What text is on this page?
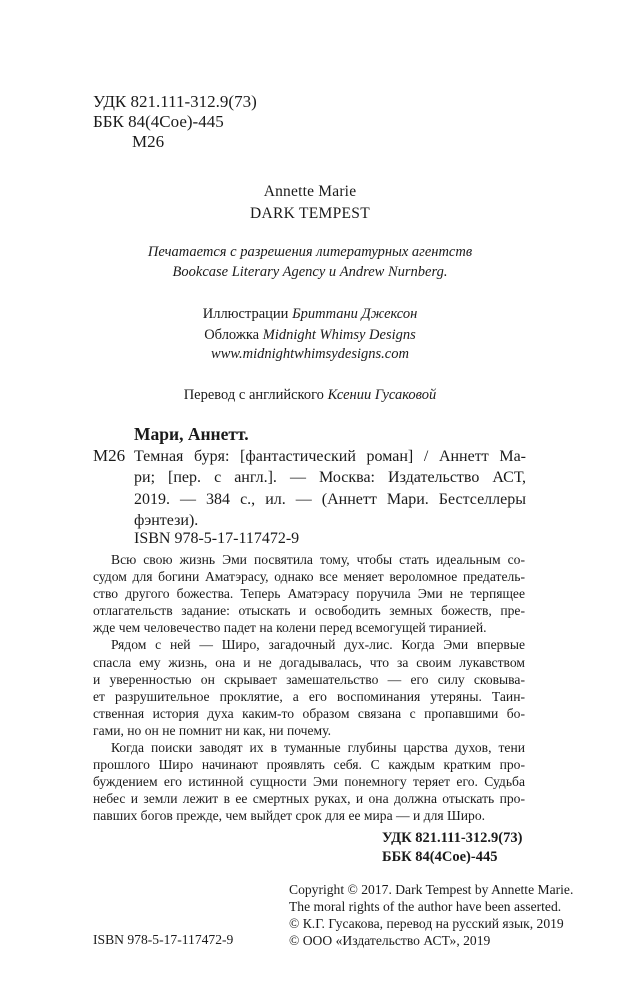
УДК 821.111-312.9(73)
ББК 84(4Сое)-445
М26
Annette Marie
DARK TEMPEST
Печатается с разрешения литературных агентств
Bookcase Literary Agency и Andrew Nurnberg.
Иллюстрации Бриттани Джексон
Обложка Midnight Whimsy Designs
www.midnightwhimsydesigns.com
Перевод с английского Ксении Гусаковой
Мари, Аннетт.
М26 Темная буря: [фантастический роман] / Аннетт Ма-
ри; [пер. с англ.]. — Москва: Издательство АСТ,
2019. — 384 с., ил. — (Аннетт Мари. Бестселлеры
фэнтези).
ISBN 978-5-17-117472-9
Всю свою жизнь Эми посвятила тому, чтобы стать идеальным со-
судом для богини Аматэрасу, однако все меняет вероломное предатель-
ство другого божества. Теперь Аматэрасу поручила Эми не терпящее
отлагательств задание: отыскать и освободить земных божеств, пре-
жде чем человечество падет на колени перед всемогущей тиранией.
Рядом с ней — Широ, загадочный дух-лис. Когда Эми впервые
спасла ему жизнь, она и не догадывалась, что за своим лукавством
и уверенностью он скрывает замешательство — его силу сковыва-
ет разрушительное проклятие, а его воспоминания утеряны. Таин-
ственная история духа каким-то образом связана с пропавшими бо-
гами, но он не помнит ни как, ни почему.
Когда поиски заводят их в туманные глубины царства духов, тени
прошлого Широ начинают проявлять себя. С каждым кратким про-
буждением его истинной сущности Эми понемногу теряет его. Судьба
небес и земли лежит в ее смертных руках, и она должна отыскать про-
павших богов прежде, чем выйдет срок для ее мира — и для Широ.
УДК 821.111-312.9(73)
ББК 84(4Сое)-445
Copyright © 2017. Dark Tempest by Annette Marie.
The moral rights of the author have been asserted.
© К.Г. Гусакова, перевод на русский язык, 2019
© ООО «Издательство АСТ», 2019
ISBN 978-5-17-117472-9
